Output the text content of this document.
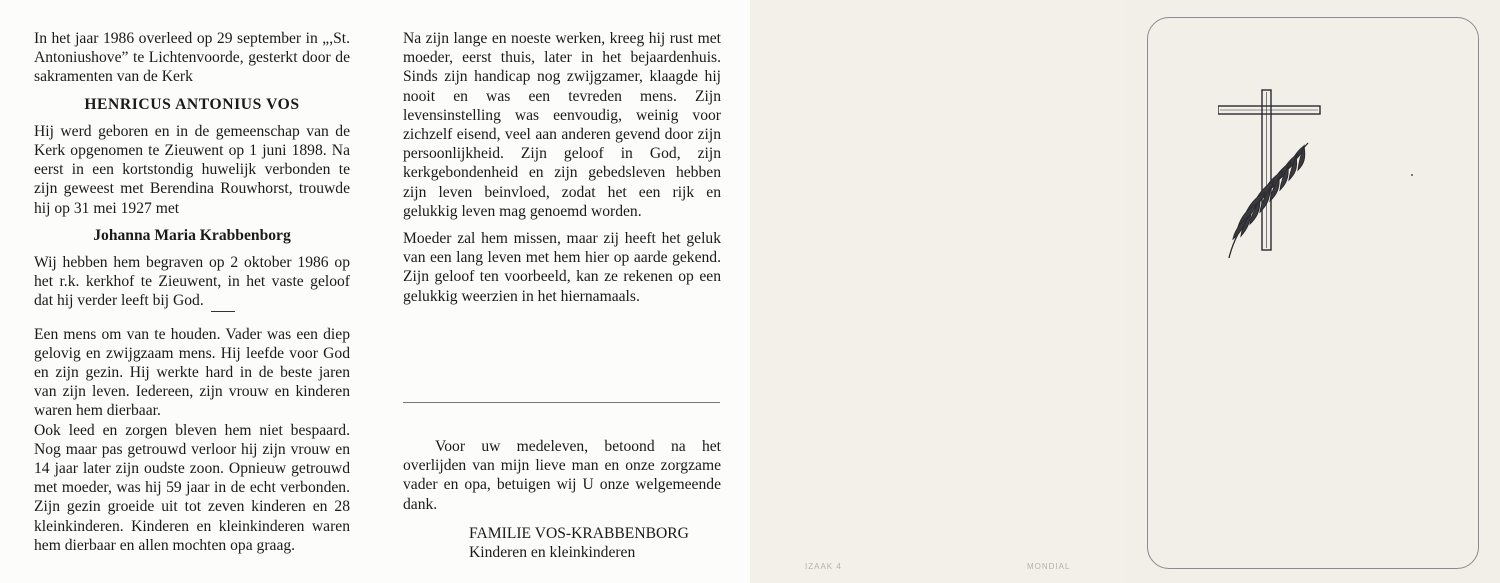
In het jaar 1986 overleed op 29 september in „,St. Antoniushove” te Lichtenvoorde, gesterkt door de sakramenten van de Kerk

HENRICUS ANTONIUS VOS

Hij werd geboren en in de gemeenschap van de Kerk opgenomen te Zieuwent op 1 juni 1898. Na eerst in een kortstondig huwelijk verbonden te zijn geweest met Berendina Rouwhorst, trouwde hij op 31 mei 1927 met

Johanna Maria Krabbenborg

Wij hebben hem begraven op 2 oktober 1986 op het r.k. kerkhof te Zieuwent, in het vaste geloof dat hij verder leeft bij God.

Een mens om van te houden. Vader was een diep gelovig en zwijgzaam mens. Hij leefde voor God en zijn gezin. Hij werkte hard in de beste jaren van zijn leven. Iedereen, zijn vrouw en kinderen waren hem dierbaar.

Ook leed en zorgen bleven hem niet bespaard. Nog maar pas getrouwd verloor hij zijn vrouw en 14 jaar later zijn oudste zoon. Opnieuw getrouwd met moeder, was hij 59 jaar in de echt verbonden. Zijn gezin groeide uit tot zeven kinderen en 28 kleinkinderen. Kinderen en kleinkinderen waren hem dierbaar en allen mochten opa graag.

Na zijn lange en noeste werken, kreeg hij rust met moeder, eerst thuis, later in het bejaardenhuis. Sinds zijn handicap nog zwijgzamer, klaagde hij nooit en was een tevreden mens. Zijn levensinstelling was eenvoudig, weinig voor zichzelf eisend, veel aan anderen gevend door zijn persoonlijkheid. Zijn geloof in God, zijn kerkgebondenheid en zijn gebedsleven hebben zijn leven beinvloed, zodat het een rijk en gelukkig leven mag genoemd worden.

Moeder zal hem missen, maar zij heeft het geluk van een lang leven met hem hier op aarde gekend. Zijn geloof ten voorbeeld, kan ze rekenen op een gelukkig weerzien in het hiernamaals.

Voor uw medeleven, betoond na het overlijden van mijn lieve man en onze zorgzame vader en opa, betuigen wij U onze welgemeende dank.

FAMILIE VOS-KRABBENBORG

Kinderen en kleinkinderen

IZAAK 4	MONDIAL
